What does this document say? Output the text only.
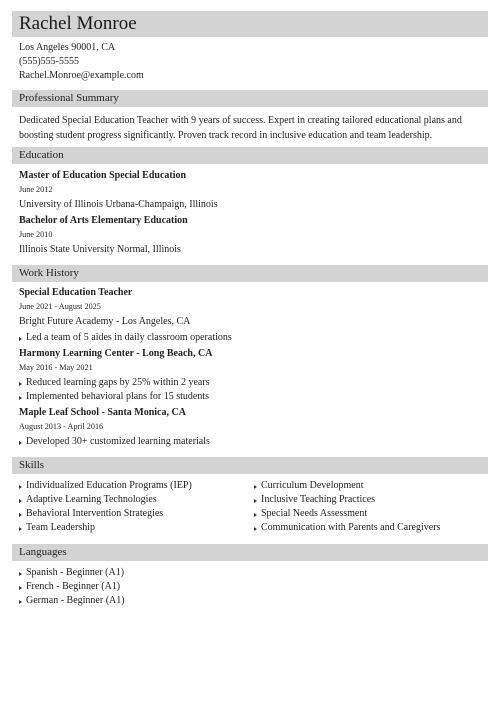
Rachel Monroe
Los Angeles 90001, CA
(555)555-5555
Rachel.Monroe@example.com
Professional Summary
Dedicated Special Education Teacher with 9 years of success. Expert in creating tailored educational plans and boosting student progress significantly. Proven track record in inclusive education and team leadership.
Education
Master of Education Special Education
June 2012
University of Illinois Urbana-Champaign, Illinois
Bachelor of Arts Elementary Education
June 2010
Illinois State University Normal, Illinois
Work History
Special Education Teacher
June 2021 - August 2025
Bright Future Academy - Los Angeles, CA
Led a team of 5 aides in daily classroom operations
Harmony Learning Center - Long Beach, CA
May 2016 - May 2021
Reduced learning gaps by 25% within 2 years
Implemented behavioral plans for 15 students
Maple Leaf School - Santa Monica, CA
August 2013 - April 2016
Developed 30+ customized learning materials
Skills
Individualized Education Programs (IEP)
Adaptive Learning Technologies
Behavioral Intervention Strategies
Team Leadership
Curriculum Development
Inclusive Teaching Practices
Special Needs Assessment
Communication with Parents and Caregivers
Languages
Spanish - Beginner (A1)
French - Beginner (A1)
German - Beginner (A1)
